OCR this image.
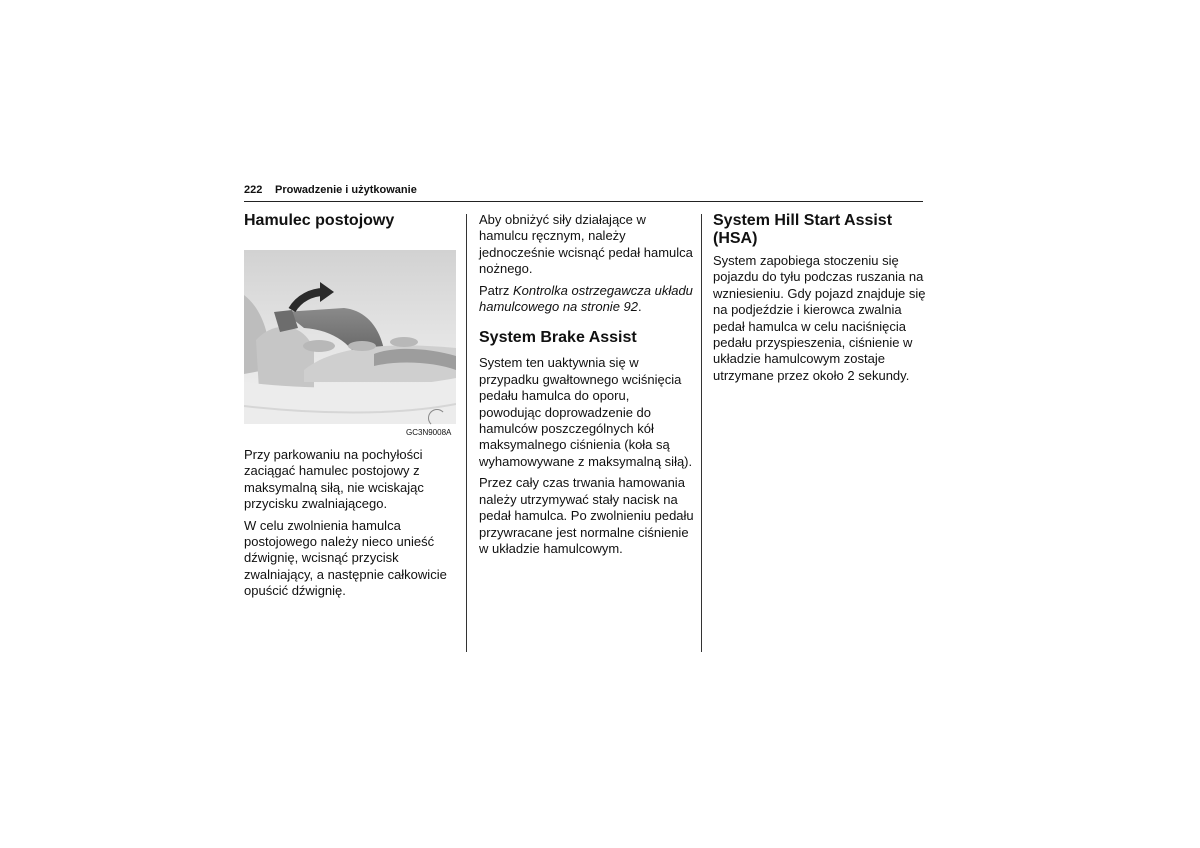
222 Prowadzenie i użytkowanie
Hamulec postojowy
GC3N9008A

Przy parkowaniu na pochyłości zaciągać hamulec postojowy z maksymalną siłą, nie wciskając przycisku zwalniającego.

W celu zwolnienia hamulca postojowego należy nieco unieść dźwignię, wcisnąć przycisk zwalniający, a następnie całkowicie opuścić dźwignię.

Aby obniżyć siły działające w hamulcu ręcznym, należy jednocześnie wcisnąć pedał hamulca nożnego.

Patrz Kontrolka ostrzegawcza układu hamulcowego na stronie 92.

System Brake Assist

System ten uaktywnia się w przypadku gwałtownego wciśnięcia pedału hamulca do oporu, powodując doprowadzenie do hamulców poszczególnych kół maksymalnego ciśnienia (koła są wyhamowywane z maksymalną siłą).

Przez cały czas trwania hamowania należy utrzymywać stały nacisk na pedał hamulca. Po zwolnieniu pedału przywracane jest normalne ciśnienie w układzie hamulcowym.

System Hill Start Assist (HSA)

System zapobiega stoczeniu się pojazdu do tyłu podczas ruszania na wzniesieniu. Gdy pojazd znajduje się na podjeździe i kierowca zwalnia pedał hamulca w celu naciśnięcia pedału przyspieszenia, ciśnienie w układzie hamulcowym zostaje utrzymane przez około 2 sekundy.
